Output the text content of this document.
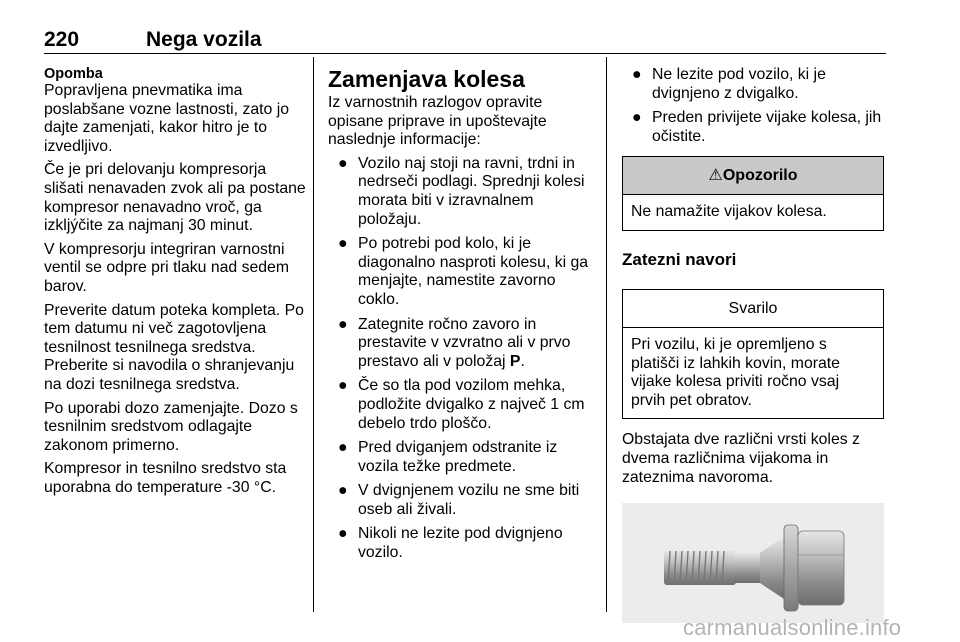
220	Nega vozila
Opomba

Popravljena pnevmatika ima poslabšane vozne lastnosti, zato jo dajte zamenjati, kakor hitro je to izvedljivo.

Če je pri delovanju kompresorja slišati nenavaden zvok ali pa postane kompresor nenavadno vroč, ga izkljýčite za najmanj 30 minut.

V kompresorju integriran varnostni ventil se odpre pri tlaku nad sedem barov.

Preverite datum poteka kompleta. Po tem datumu ni več zagotovljena tesnilnost tesnilnega sredstva. Preberite si navodila o shranjevanju na dozi tesnilnega sredstva.

Po uporabi dozo zamenjajte. Dozo s tesnilnim sredstvom odlagajte zakonom primerno.

Kompresor in tesnilno sredstvo sta uporabna do temperature -30 °C.

Zamenjava kolesa

Iz varnostnih razlogov opravite opisane priprave in upoštevajte naslednje informacije:

● Vozilo naj stoji na ravni, trdni in nedrseči podlagi. Sprednji kolesi morata biti v izravnalnem položaju.
● Po potrebi pod kolo, ki je diagonalno nasproti kolesu, ki ga menjajte, namestite zavorno coklo.
● Zategnite ročno zavoro in prestavite v vzvratno ali v prvo prestavo ali v položaj P.
● Če so tla pod vozilom mehka, podložite dvigalko z največ 1 cm debelo trdo ploščo.
● Pred dviganjem odstranite iz vozila težke predmete.
● V dvignjenem vozilu ne sme biti oseb ali živali.
● Nikoli ne lezite pod dvignjeno vozilo.
● Ne lezite pod vozilo, ki je dvignjeno z dvigalko.
● Preden privijete vijake kolesa, jih očistite.
⚠Opozorilo
Ne namažite vijakov kolesa.
Zatezni navori
Svarilo
Pri vozilu, ki je opremljeno s platišči iz lahkih kovin, morate vijake kolesa priviti ročno vsaj prvih pet obratov.

Obstajata dve različni vrsti koles z dvema različnima vijakoma in zateznima navoroma.

carmanualsonline.info
